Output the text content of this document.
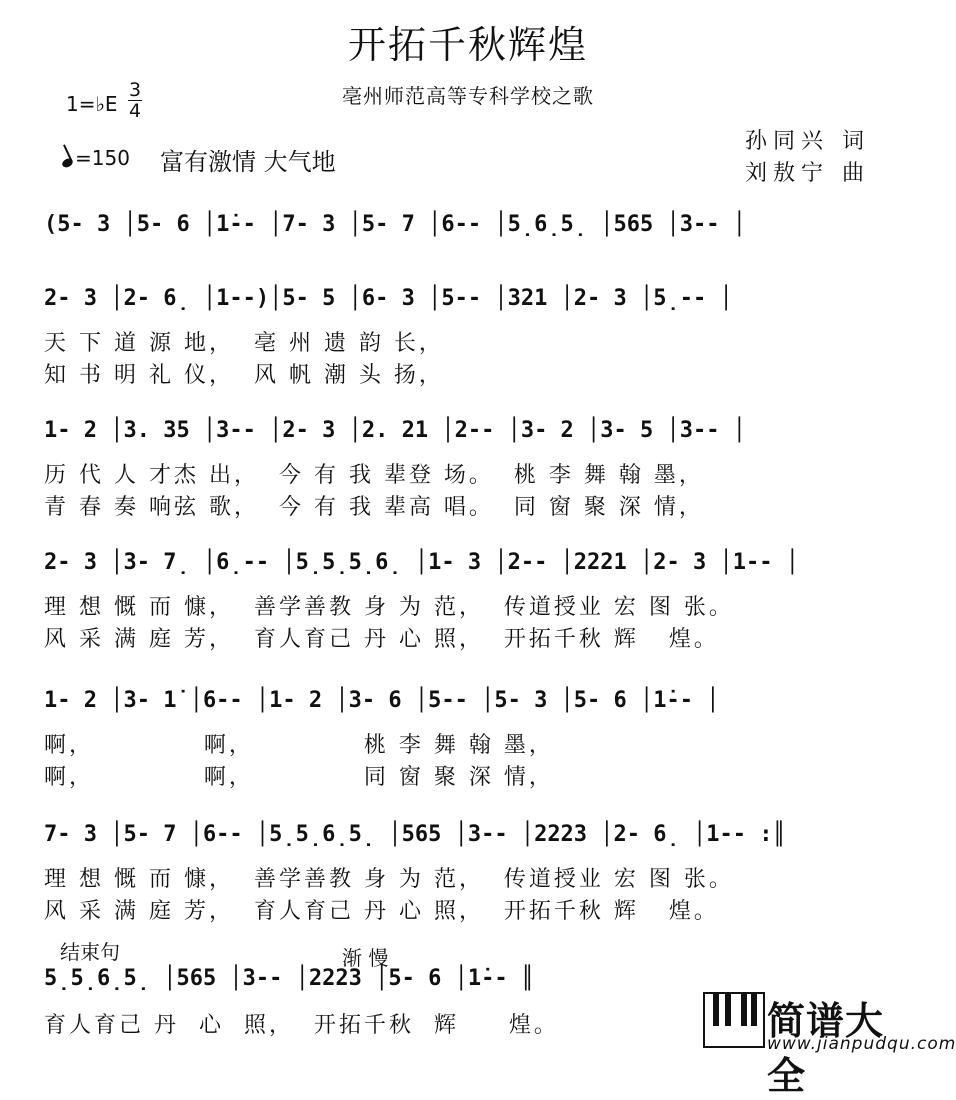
开拓千秋辉煌
亳州师范高等专科学校之歌
1=♭E
3
4
=150 富有激情 大气地
孙同兴 词
刘敖宁 曲
(5- 3 │5- 6 │1̇-- │7- 3 │5- 7 │6-- │5̣6̣5̣ │565 │3-- │
2- 3 │2- 6̣ │1--)│5- 5 │6- 3 │5-- │321 │2- 3 │5̣-- │
天 下 道 源 地，  亳 州 遗 韵 长，
知 书 明 礼 仪，  风 帆 潮 头 扬，
1- 2 │3. 35 │3-- │2- 3 │2. 21 │2-- │3- 2 │3- 5 │3-- │
历 代 人 才杰 出，  今 有 我 辈登 场。  桃 李 舞 翰 墨，
青 春 奏 响弦 歌，  今 有 我 辈高 唱。  同 窗 聚 深 情，
2- 3 │3- 7̣ │6̣-- │5̣5̣5̣6̣ │1- 3 │2-- │2221 │2- 3 │1-- │
理 想 慨 而 慷，  善学善教 身 为 范，  传道授业 宏 图 张。
风 采 满 庭 芳，  育人育己 丹 心 照，  开拓千秋 辉   煌。
1- 2 │3- 1̇ │6-- │1- 2 │3- 6 │5-- │5- 3 │5- 6 │1̇-- │
啊，           啊，           桃 李 舞 翰 墨，
啊，           啊，           同 窗 聚 深 情，
7- 3 │5- 7 │6-- │5̣5̣6̣5̣ │565 │3-- │2223 │2- 6̣ │1-- :║
理 想 慨 而 慷，  善学善教 身 为 范，  传道授业 宏 图 张。
风 采 满 庭 芳，  育人育己 丹 心 照，  开拓千秋 辉   煌。
结束句	渐 慢
5̣5̣6̣5̣ │565 │3-- │2223 │5- 6 │1̇-- ║
育人育己 丹  心  照，  开拓千秋  辉     煌。	简谱大全
www.jianpudqu.com
